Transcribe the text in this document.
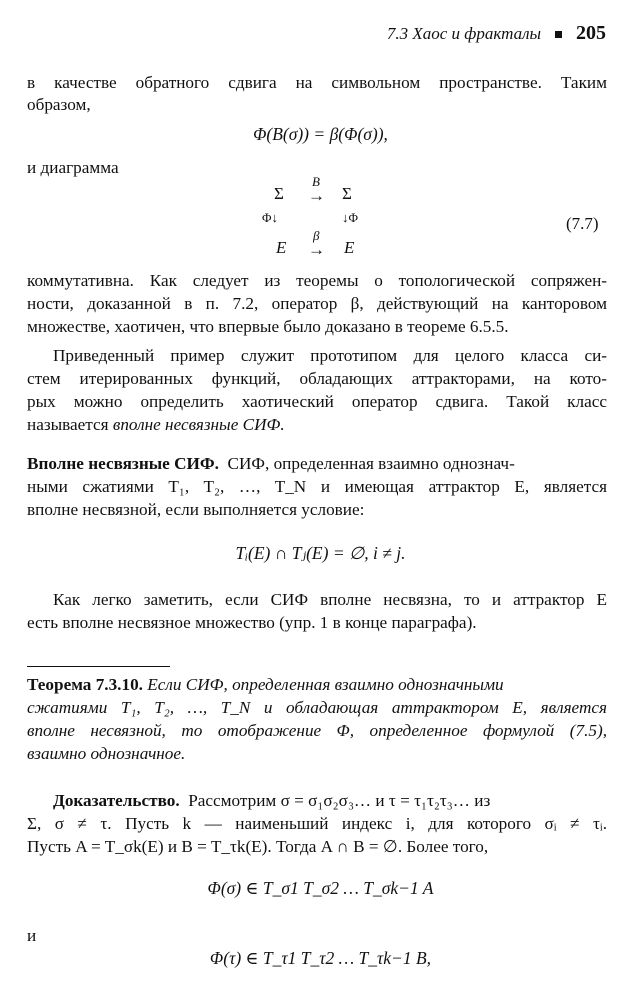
7.3 Хаос и фракталы 205
в качестве обратного сдвига на символьном пространстве. Таким
образом,
Φ(B(σ)) = β(Φ(σ)),
и диаграмма
Σ
B
→ Σ
Φ↓	↓Φ
E
β
→ E
(7.7)
коммутативна. Как следует из теоремы о топологической сопряжен-
ности, доказанной в п. 7.2, оператор β, действующий на канторовом
множестве, хаотичен, что впервые было доказано в теореме 6.5.5.
Приведенный пример служит прототипом для целого класса си-
стем итерированных функций, обладающих аттракторами, на кото-
рых можно определить хаотический оператор сдвига. Такой класс
называется вполне несвязные СИФ.
Вполне несвязные СИФ. СИФ, определенная взаимно однознач-
ными сжатиями T₁, T₂, …, T_N и имеющая аттрактор E, является
вполне несвязной, если выполняется условие:
Tᵢ(E) ∩ Tⱼ(E) = ∅, i ≠ j.
Как легко заметить, если СИФ вполне несвязна, то и аттрактор E
есть вполне несвязное множество (упр. 1 в конце параграфа).
Теорема 7.3.10. Если СИФ, определенная взаимно однозначными
сжатиями T₁, T₂, …, T_N и обладающая аттрактором E, является
вполне несвязной, то отображение Φ, определенное формулой (7.5),
взаимно однозначное.
Доказательство. Рассмотрим σ = σ₁σ₂σ₃… и τ = τ₁τ₂τ₃… из
Σ, σ ≠ τ. Пусть k — наименьший индекс i, для которого σᵢ ≠ τᵢ.
Пусть A = T_σk(E) и B = T_τk(E). Тогда A ∩ B = ∅. Более того,
Φ(σ) ∈ T_σ1 T_σ2 … T_σk−1 A
и
Φ(τ) ∈ T_τ1 T_τ2 … T_τk−1 B,
